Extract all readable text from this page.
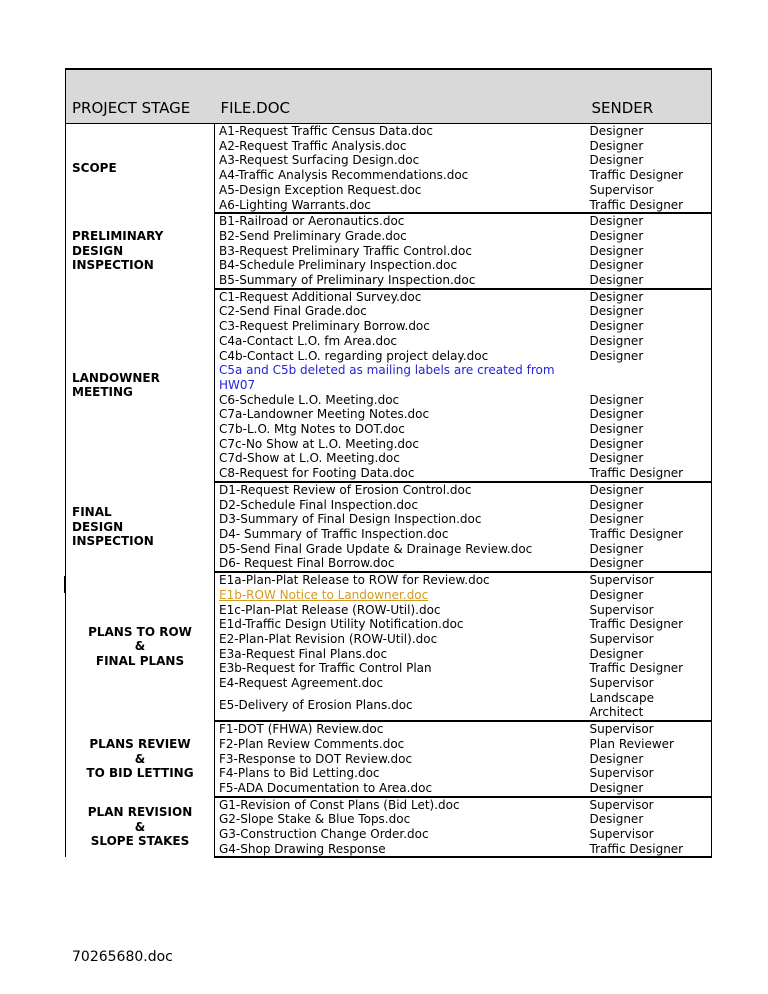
PROJECT STAGE	FILE.DOC	SENDER

SCOPE	A1-Request Traffic Census Data.doc	Designer
	A2-Request Traffic Analysis.doc	Designer
	A3-Request Surfacing Design.doc	Designer
	A4-Traffic Analysis Recommendations.doc	Traffic Designer
	A5-Design Exception Request.doc	Supervisor
	A6-Lighting Warrants.doc	Traffic Designer

PRELIMINARY
DESIGN
INSPECTION	B1-Railroad or Aeronautics.doc	Designer
	B2-Send Preliminary Grade.doc	Designer
	B3-Request Preliminary Traffic Control.doc	Designer
	B4-Schedule Preliminary Inspection.doc	Designer
	B5-Summary of Preliminary Inspection.doc	Designer

LANDOWNER
MEETING	C1-Request Additional Survey.doc	Designer
	C2-Send Final Grade.doc	Designer
	C3-Request Preliminary Borrow.doc	Designer
	C4a-Contact L.O. fm Area.doc	Designer
	C4b-Contact L.O. regarding project delay.doc	Designer
	C5a and C5b deleted as mailing labels are created from HW07	
	C6-Schedule L.O. Meeting.doc	Designer
	C7a-Landowner Meeting Notes.doc	Designer
	C7b-L.O. Mtg Notes to DOT.doc	Designer
	C7c-No Show at L.O. Meeting.doc	Designer
	C7d-Show at L.O. Meeting.doc	Designer
	C8-Request for Footing Data.doc	Traffic Designer

FINAL
DESIGN
INSPECTION	D1-Request Review of Erosion Control.doc	Designer
	D2-Schedule Final Inspection.doc	Designer
	D3-Summary of Final Design Inspection.doc	Designer
	D4- Summary of Traffic Inspection.doc	Traffic Designer
	D5-Send Final Grade Update & Drainage Review.doc	Designer
	D6- Request Final Borrow.doc	Designer

PLANS TO ROW
&
FINAL PLANS	E1a-Plan-Plat Release to ROW for Review.doc	Supervisor
	E1b-ROW Notice to Landowner.doc	Designer
	E1c-Plan-Plat Release (ROW-Util).doc	Supervisor
	E1d-Traffic Design Utility Notification.doc	Traffic Designer
	E2-Plan-Plat Revision (ROW-Util).doc	Supervisor
	E3a-Request Final Plans.doc	Designer
	E3b-Request for Traffic Control Plan	Traffic Designer
	E4-Request Agreement.doc	Supervisor
	E5-Delivery of Erosion Plans.doc	Landscape Architect

PLANS REVIEW
&
TO BID LETTING	F1-DOT (FHWA) Review.doc	Supervisor
	F2-Plan Review Comments.doc	Plan Reviewer
	F3-Response to DOT Review.doc	Designer
	F4-Plans to Bid Letting.doc	Supervisor
	F5-ADA Documentation to Area.doc	Designer

PLAN REVISION
&
SLOPE STAKES	G1-Revision of Const Plans (Bid Let).doc	Supervisor
	G2-Slope Stake & Blue Tops.doc	Designer
	G3-Construction Change Order.doc	Supervisor
	G4-Shop Drawing Response	Traffic Designer
70265680.doc
